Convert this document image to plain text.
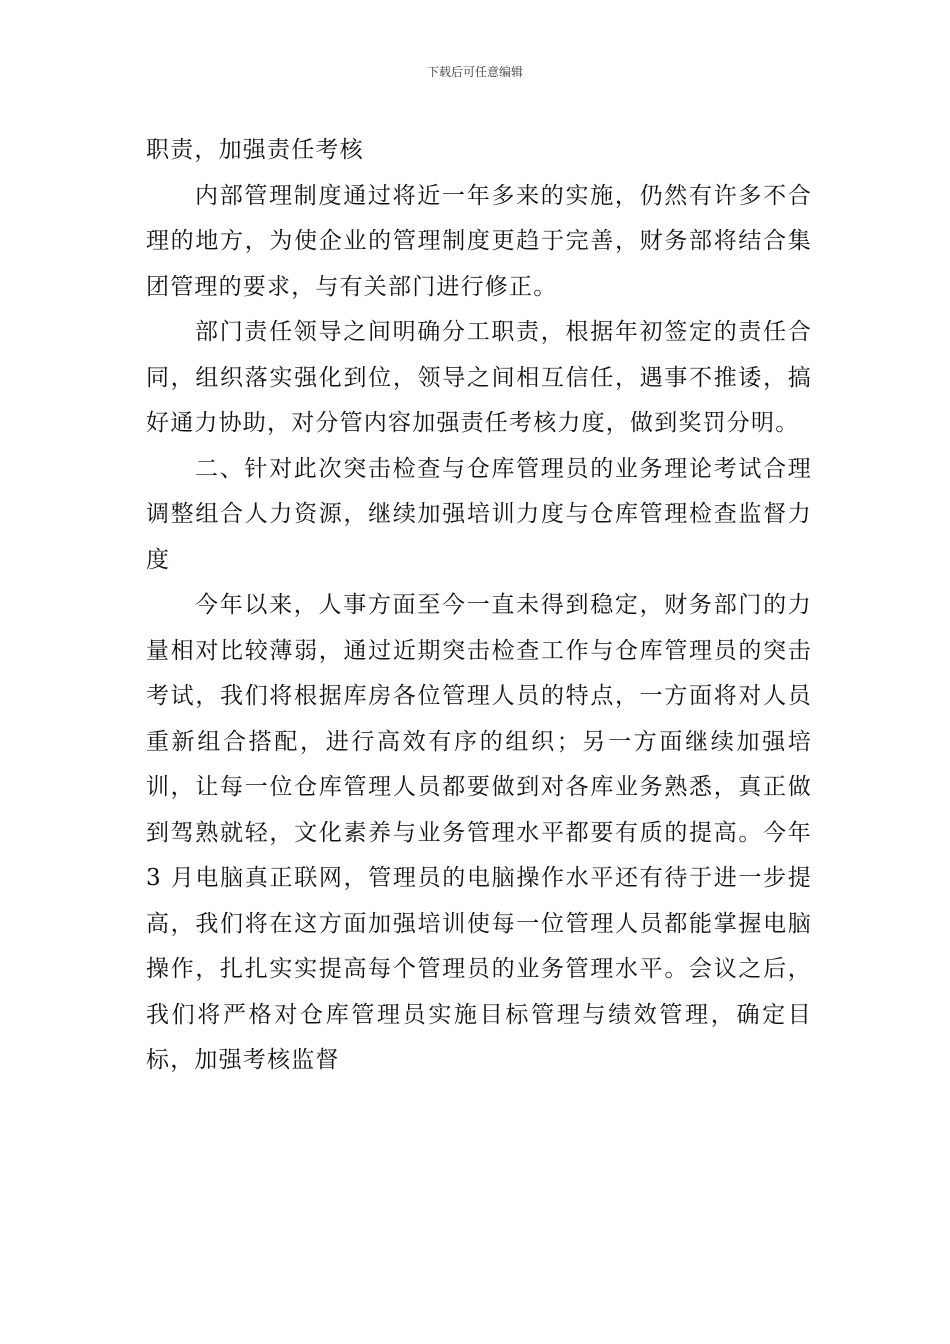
下载后可任意编辑

职责，加强责任考核

内部管理制度通过将近一年多来的实施，仍然有许多不合理的地方，为使企业的管理制度更趋于完善，财务部将结合集团管理的要求，与有关部门进行修正。

部门责任领导之间明确分工职责，根据年初签定的责任合同，组织落实强化到位，领导之间相互信任，遇事不推诿，搞好通力协助，对分管内容加强责任考核力度，做到奖罚分明。

二、针对此次突击检查与仓库管理员的业务理论考试合理调整组合人力资源，继续加强培训力度与仓库管理检查监督力度

今年以来，人事方面至今一直未得到稳定，财务部门的力量相对比较薄弱，通过近期突击检查工作与仓库管理员的突击考试，我们将根据库房各位管理人员的特点，一方面将对人员重新组合搭配，进行高效有序的组织；另一方面继续加强培训，让每一位仓库管理人员都要做到对各库业务熟悉，真正做到驾熟就轻，文化素养与业务管理水平都要有质的提高。今年 3 月电脑真正联网，管理员的电脑操作水平还有待于进一步提高，我们将在这方面加强培训使每一位管理人员都能掌握电脑操作，扎扎实实提高每个管理员的业务管理水平。会议之后，我们将严格对仓库管理员实施目标管理与绩效管理，确定目标，加强考核监督
